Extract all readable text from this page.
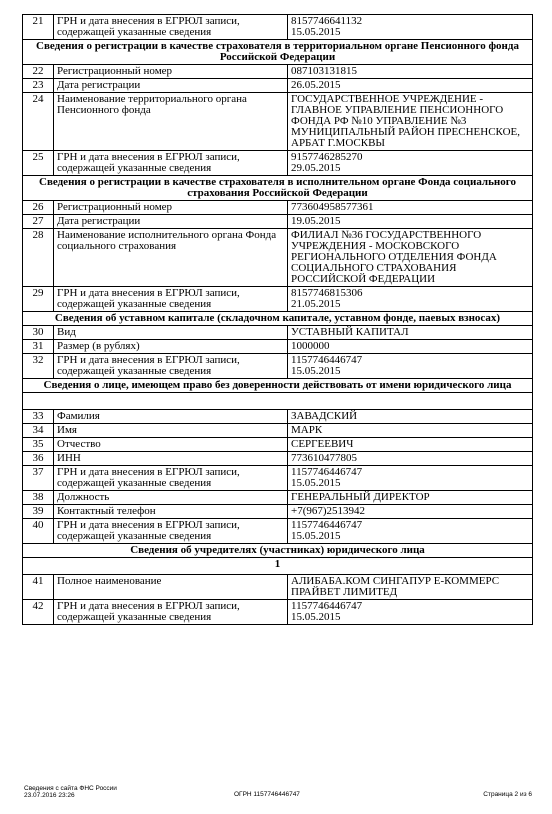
21	ГРН и дата внесения в ЕГРЮЛ записи, содержащей указанные сведения	8157746641132
15.05.2015
Сведения о регистрации в качестве страхователя в территориальном органе Пенсионного фонда Российской Федерации		
22	Регистрационный номер	087103131815
23	Дата регистрации	26.05.2015
24	Наименование территориального органа Пенсионного фонда	ГОСУДАРСТВЕННОЕ УЧРЕЖДЕНИЕ - ГЛАВНОЕ УПРАВЛЕНИЕ ПЕНСИОННОГО ФОНДА РФ №10 УПРАВЛЕНИЕ №3 МУНИЦИПАЛЬНЫЙ РАЙОН ПРЕСНЕНСКОЕ, АРБАТ Г.МОСКВЫ
25	ГРН и дата внесения в ЕГРЮЛ записи, содержащей указанные сведения	9157746285270
29.05.2015
Сведения о регистрации в качестве страхователя в исполнительном органе Фонда социального страхования Российской Федерации		
26	Регистрационный номер	773604958577361
27	Дата регистрации	19.05.2015
28	Наименование исполнительного органа Фонда социального страхования	ФИЛИАЛ №36 ГОСУДАРСТВЕННОГО УЧРЕЖДЕНИЯ - МОСКОВСКОГО РЕГИОНАЛЬНОГО ОТДЕЛЕНИЯ ФОНДА СОЦИАЛЬНОГО СТРАХОВАНИЯ РОССИЙСКОЙ ФЕДЕРАЦИИ
29	ГРН и дата внесения в ЕГРЮЛ записи, содержащей указанные сведения	8157746815306
21.05.2015
Сведения об уставном капитале (складочном капитале, уставном фонде, паевых взносах)		
30	Вид	УСТАВНЫЙ КАПИТАЛ
31	Размер (в рублях)	1000000
32	ГРН и дата внесения в ЕГРЮЛ записи, содержащей указанные сведения	1157746446747
15.05.2015
Сведения о лице, имеющем право без доверенности действовать от имени юридического лица		

33	Фамилия	ЗАВАДСКИЙ
34	Имя	МАРК
35	Отчество	СЕРГЕЕВИЧ
36	ИНН	773610477805
37	ГРН и дата внесения в ЕГРЮЛ записи, содержащей указанные сведения	1157746446747
15.05.2015
38	Должность	ГЕНЕРАЛЬНЫЙ ДИРЕКТОР
39	Контактный телефон	+7(967)2513942
40	ГРН и дата внесения в ЕГРЮЛ записи, содержащей указанные сведения	1157746446747
15.05.2015
Сведения об учредителях (участниках) юридического лица		
1		
41	Полное наименование	АЛИБАБА.КОМ СИНГАПУР Е-КОММЕРС ПРАЙВЕТ ЛИМИТЕД
42	ГРН и дата внесения в ЕГРЮЛ записи, содержащей указанные сведения	1157746446747
15.05.2015
Сведения с сайта ФНС России
23.07.2016 23:26	ОГРН 1157746446747	Страница 2 из 6
